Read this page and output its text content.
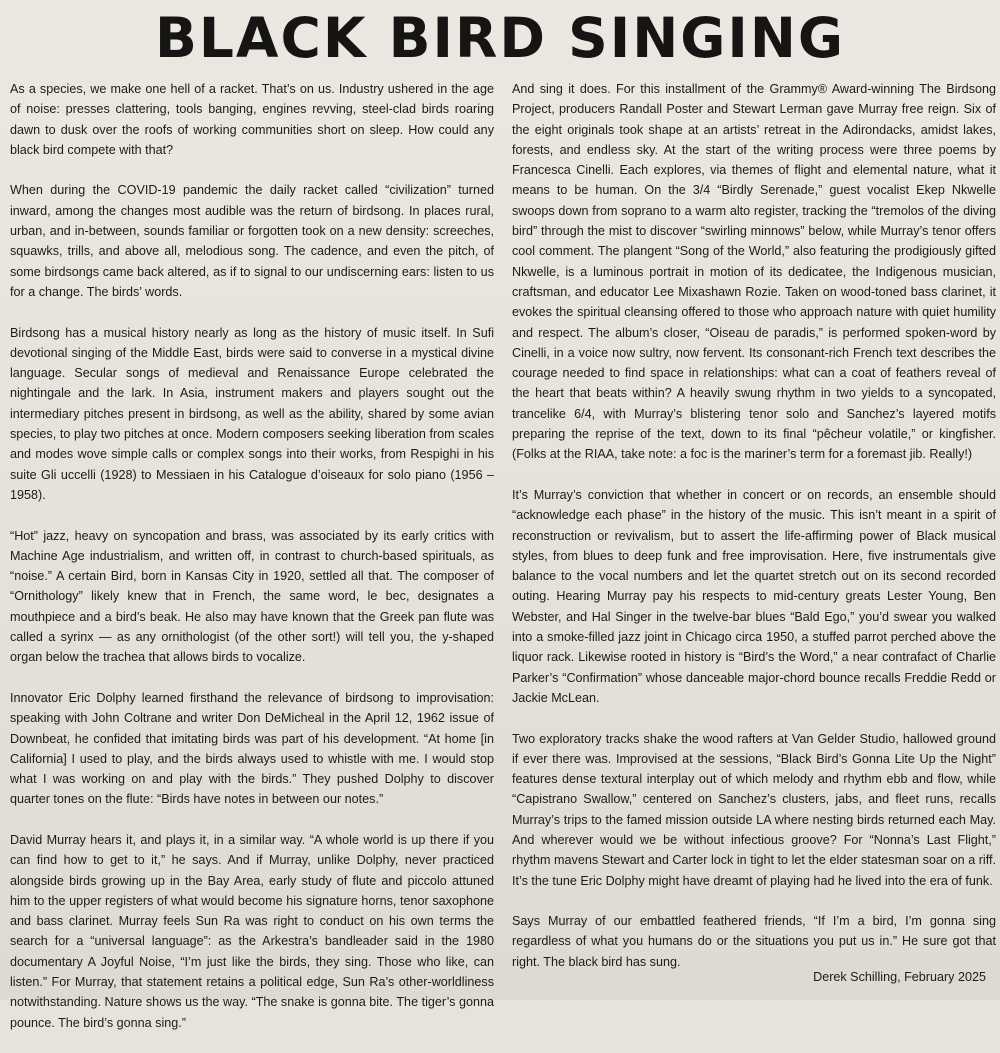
BLACK BIRD SINGING

As a species, we make one hell of a racket. That’s on us. Industry ushered in the age of noise: presses clattering, tools banging, engines revving, steel-clad birds roaring dawn to dusk over the roofs of working communities short on sleep. How could any black bird compete with that?

When during the COVID-19 pandemic the daily racket called “civilization” turned inward, among the changes most audible was the return of birdsong. In places rural, urban, and in-between, sounds familiar or forgotten took on a new density: screeches, squawks, trills, and above all, melodious song. The cadence, and even the pitch, of some birdsongs came back altered, as if to signal to our undiscerning ears: listen to us for a change. The birds’ words.

Birdsong has a musical history nearly as long as the history of music itself. In Sufi devotional singing of the Middle East, birds were said to converse in a mystical divine language. Secular songs of medieval and Renaissance Europe celebrated the nightingale and the lark. In Asia, instrument makers and players sought out the intermediary pitches present in birdsong, as well as the ability, shared by some avian species, to play two pitches at once. Modern composers seeking liberation from scales and modes wove simple calls or complex songs into their works, from Respighi in his suite Gli uccelli (1928) to Messiaen in his Catalogue d’oiseaux for solo piano (1956 – 1958).

“Hot” jazz, heavy on syncopation and brass, was associated by its early critics with Machine Age industrialism, and written off, in contrast to church-based spirituals, as “noise.” A certain Bird, born in Kansas City in 1920, settled all that. The composer of “Ornithology” likely knew that in French, the same word, le bec, designates a mouthpiece and a bird’s beak. He also may have known that the Greek pan flute was called a syrinx — as any ornithologist (of the other sort!) will tell you, the y-shaped organ below the trachea that allows birds to vocalize.

Innovator Eric Dolphy learned firsthand the relevance of birdsong to improvisation: speaking with John Coltrane and writer Don DeMicheal in the April 12, 1962 issue of Downbeat, he confided that imitating birds was part of his development. “At home [in California] I used to play, and the birds always used to whistle with me. I would stop what I was working on and play with the birds.” They pushed Dolphy to discover quarter tones on the flute: “Birds have notes in between our notes.”

David Murray hears it, and plays it, in a similar way. “A whole world is up there if you can find how to get to it,” he says. And if Murray, unlike Dolphy, never practiced alongside birds growing up in the Bay Area, early study of flute and piccolo attuned him to the upper registers of what would become his signature horns, tenor saxophone and bass clarinet. Murray feels Sun Ra was right to conduct on his own terms the search for a “universal language”: as the Arkestra’s bandleader said in the 1980 documentary A Joyful Noise, “I’m just like the birds, they sing. Those who like, can listen.” For Murray, that statement retains a political edge, Sun Ra’s other-worldliness notwithstanding. Nature shows us the way. “The snake is gonna bite. The tiger’s gonna pounce. The bird’s gonna sing.”

And sing it does. For this installment of the Grammy® Award-winning The Birdsong Project, producers Randall Poster and Stewart Lerman gave Murray free reign. Six of the eight originals took shape at an artists’ retreat in the Adirondacks, amidst lakes, forests, and endless sky. At the start of the writing process were three poems by Francesca Cinelli. Each explores, via themes of flight and elemental nature, what it means to be human. On the 3/4 “Birdly Serenade,” guest vocalist Ekep Nkwelle swoops down from soprano to a warm alto register, tracking the “tremolos of the diving bird” through the mist to discover “swirling minnows” below, while Murray’s tenor offers cool comment. The plangent “Song of the World,” also featuring the prodigiously gifted Nkwelle, is a luminous portrait in motion of its dedicatee, the Indigenous musician, craftsman, and educator Lee Mixashawn Rozie. Taken on wood-toned bass clarinet, it evokes the spiritual cleansing offered to those who approach nature with quiet humility and respect. The album’s closer, “Oiseau de paradis,” is performed spoken-word by Cinelli, in a voice now sultry, now fervent. Its consonant-rich French text describes the courage needed to find space in relationships: what can a coat of feathers reveal of the heart that beats within? A heavily swung rhythm in two yields to a syncopated, trancelike 6/4, with Murray’s blistering tenor solo and Sanchez’s layered motifs preparing the reprise of the text, down to its final “pêcheur volatile,” or kingfisher. (Folks at the RIAA, take note: a foc is the mariner’s term for a foremast jib. Really!)

It’s Murray’s conviction that whether in concert or on records, an ensemble should “acknowledge each phase” in the history of the music. This isn’t meant in a spirit of reconstruction or revivalism, but to assert the life-affirming power of Black musical styles, from blues to deep funk and free improvisation. Here, five instrumentals give balance to the vocal numbers and let the quartet stretch out on its second recorded outing. Hearing Murray pay his respects to mid-century greats Lester Young, Ben Webster, and Hal Singer in the twelve-bar blues “Bald Ego,” you’d swear you walked into a smoke-filled jazz joint in Chicago circa 1950, a stuffed parrot perched above the liquor rack. Likewise rooted in history is “Bird’s the Word,” a near contrafact of Charlie Parker’s “Confirmation” whose danceable major-chord bounce recalls Freddie Redd or Jackie McLean.

Two exploratory tracks shake the wood rafters at Van Gelder Studio, hallowed ground if ever there was. Improvised at the sessions, “Black Bird’s Gonna Lite Up the Night” features dense textural interplay out of which melody and rhythm ebb and flow, while “Capistrano Swallow,” centered on Sanchez’s clusters, jabs, and fleet runs, recalls Murray’s trips to the famed mission outside LA where nesting birds returned each May. And wherever would we be without infectious groove? For “Nonna’s Last Flight,” rhythm mavens Stewart and Carter lock in tight to let the elder statesman soar on a riff. It’s the tune Eric Dolphy might have dreamt of playing had he lived into the era of funk.

Says Murray of our embattled feathered friends, “If I’m a bird, I’m gonna sing regardless of what you humans do or the situations you put us in.” He sure got that right. The black bird has sung.

Derek Schilling, February 2025
